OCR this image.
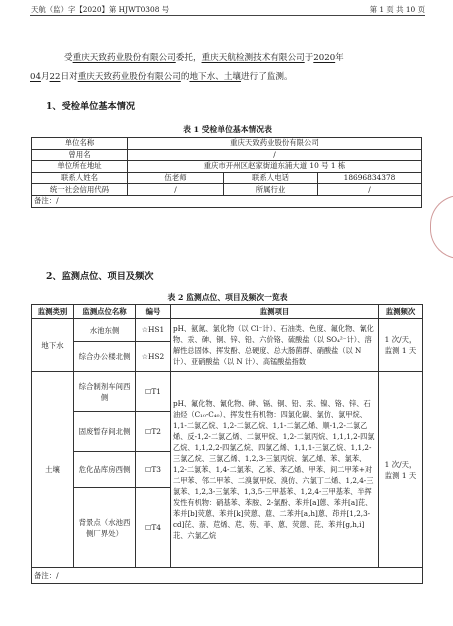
天航（监）字【2020】第 HJWT0308 号	第 1 页 共 10 页
受重庆天致药业股份有限公司委托，重庆天航检测技术有限公司于2020年
04月22日对重庆天致药业股份有限公司的地下水、土壤进行了监测。
1、受检单位基本情况
表 1 受检单位基本情况表
单位名称	重庆天致药业股份有限公司		
曾用名	/		
单位所在地址	重庆市开州区赵家街道东浦大道 10 号 1 栋		
联系人姓名	伍老师	联系人电话	18696834378
统一社会信用代码	/	所属行业	/
备注：/			
2、监测点位、项目及频次
表 2 监测点位、项目及频次一览表
监测类别	监测点位名称	编号	监测项目	监测频次
地下水	水池东侧	☆HS1	pH、氨氮、氯化物（以 Cl⁻计）、石油类、色度、氟化物、氰化物、汞、砷、铜、锌、铅、六价铬、硫酸盐（以 SO₄²⁻计）、溶解性总固体、挥发酚、总硬度、总大肠菌群、硝酸盐（以 N 计）、亚硝酸盐（以 N 计）、高锰酸盐指数	1 次/天，监测 1 天
	综合办公楼北侧	☆HS2		
土壤	综合制剂车间西侧	☐T1	pH、氟化物、氰化物、砷、镉、铜、铅、汞、镍、铬、锌、石油烃（C₁₀-C₄₀）、挥发性有机物：四氯化碳、氯仿、氯甲烷、1,1-二氯乙烷、1,2-二氯乙烷、1,1-二氯乙烯、顺-1,2-二氯乙烯、反-1,2-二氯乙烯、二氯甲烷、1,2-二氯丙烷、1,1,1,2-四氯乙烷、1,1,2,2-四氯乙烷、四氯乙烯、1,1,1-三氯乙烷、1,1,2-三氯乙烷、三氯乙烯、1,2,3-三氯丙烷、氯乙烯、苯、氯苯、1,2-二氯苯、1,4-二氯苯、乙苯、苯乙烯、甲苯、间二甲苯+对二甲苯、邻二甲苯、二溴氯甲烷、溴仿、六氯丁二烯、1,2,4-三氯苯、1,2,3-三氯苯、1,3,5-三甲基苯、1,2,4-三甲基苯、半挥发性有机物：硝基苯、苯胺、2-氯酚、苯并[a]蒽、苯并[a]芘、苯并[b]荧蒽、苯并[k]荧蒽、䓛、二苯并[a,h]蒽、茚并[1,2,3-cd]芘、萘、苊烯、苊、芴、菲、蒽、荧蒽、芘、苯并[g,h,i]苝、六氯乙烷	1 次/天，监测 1 天
	固废暂存间北侧	☐T2		
	危化品库房西侧	☐T3		
	背景点（水池西侧厂界处）	☐T4		
备注：/				
